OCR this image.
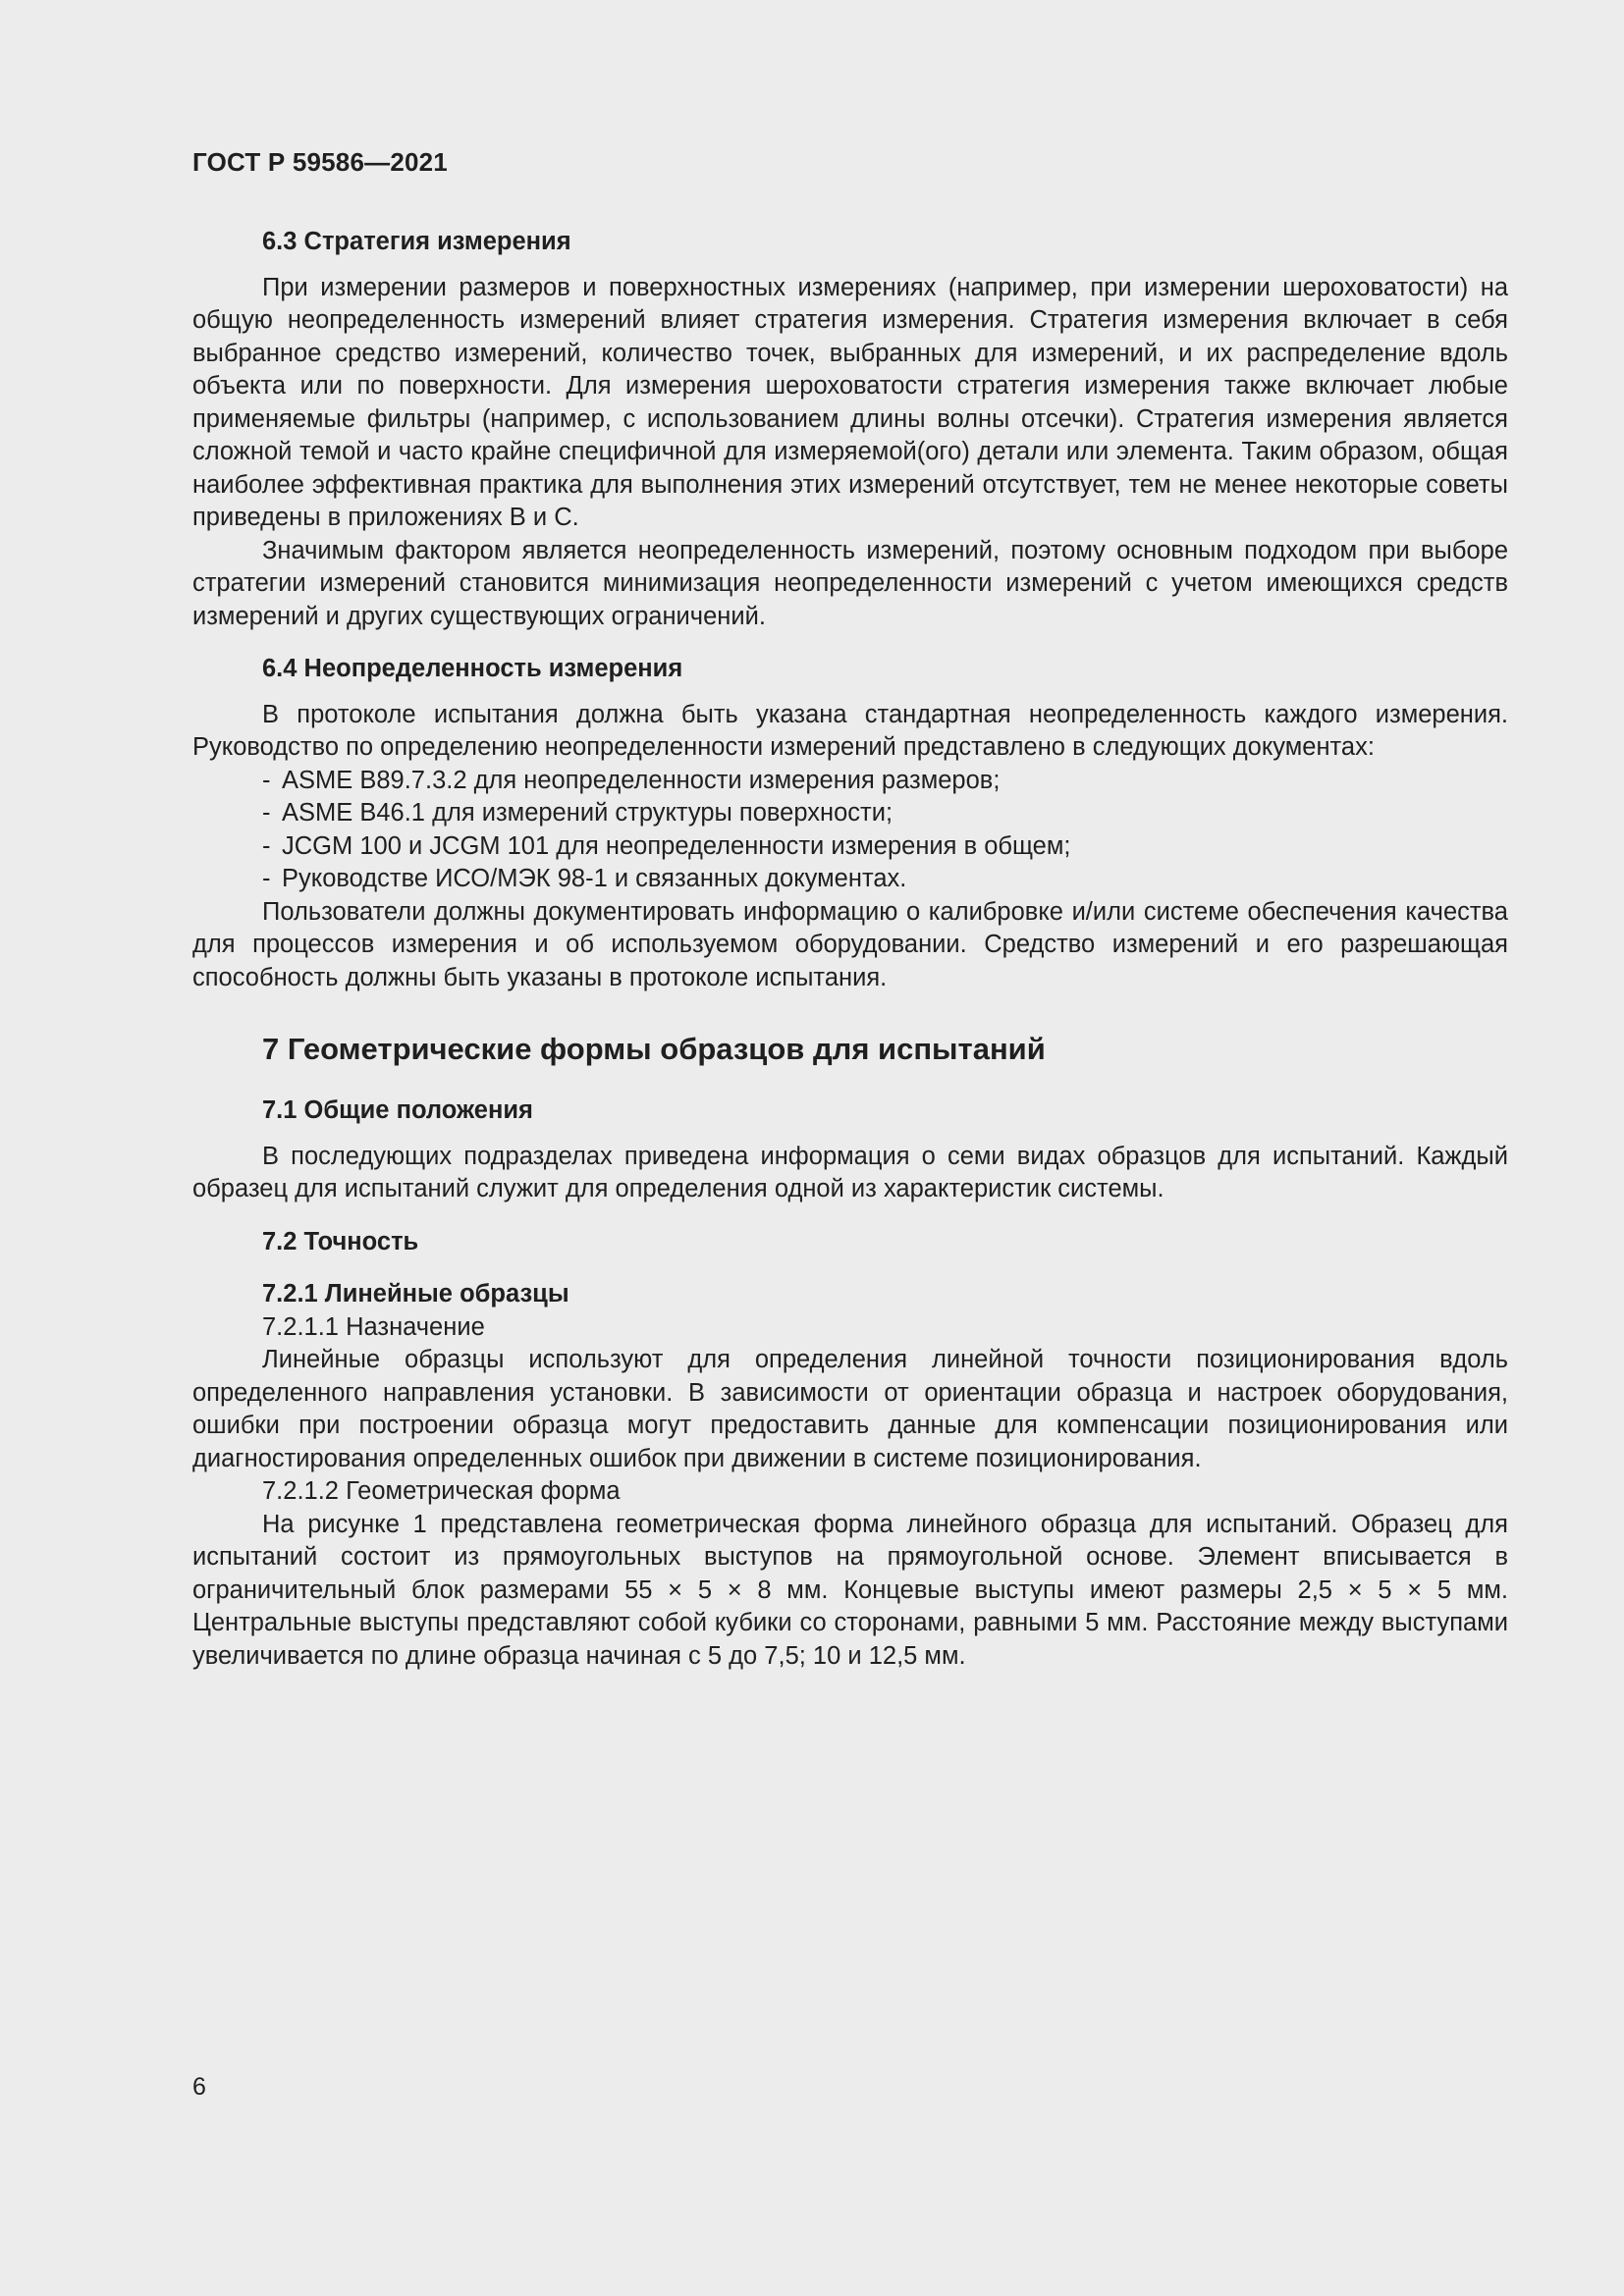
ГОСТ Р 59586—2021
6.3 Стратегия измерения

При измерении размеров и поверхностных измерениях (например, при измерении шероховатости) на общую неопределенность измерений влияет стратегия измерения. Стратегия измерения включает в себя выбранное средство измерений, количество точек, выбранных для измерений, и их распределение вдоль объекта или по поверхности. Для измерения шероховатости стратегия измерения также включает любые применяемые фильтры (например, с использованием длины волны отсечки). Стратегия измерения является сложной темой и часто крайне специфичной для измеряемой(ого) детали или элемента. Таким образом, общая наиболее эффективная практика для выполнения этих измерений отсутствует, тем не менее некоторые советы приведены в приложениях В и С.

Значимым фактором является неопределенность измерений, поэтому основным подходом при выборе стратегии измерений становится минимизация неопределенности измерений с учетом имеющихся средств измерений и других существующих ограничений.

6.4 Неопределенность измерения

В протоколе испытания должна быть указана стандартная неопределенность каждого измерения. Руководство по определению неопределенности измерений представлено в следующих документах:

- ASME B89.7.3.2 для неопределенности измерения размеров;
- ASME B46.1 для измерений структуры поверхности;
- JCGM 100 и JCGM 101 для неопределенности измерения в общем;
- Руководстве ИСО/МЭК 98-1 и связанных документах.

Пользователи должны документировать информацию о калибровке и/или системе обеспечения качества для процессов измерения и об используемом оборудовании. Средство измерений и его разрешающая способность должны быть указаны в протоколе испытания.

7 Геометрические формы образцов для испытаний
7.1 Общие положения

В последующих подразделах приведена информация о семи видах образцов для испытаний. Каждый образец для испытаний служит для определения одной из характеристик системы.

7.2 Точность
7.2.1 Линейные образцы
7.2.1.1 Назначение

Линейные образцы используют для определения линейной точности позиционирования вдоль определенного направления установки. В зависимости от ориентации образца и настроек оборудования, ошибки при построении образца могут предоставить данные для компенсации позиционирования или диагностирования определенных ошибок при движении в системе позиционирования.

7.2.1.2 Геометрическая форма

На рисунке 1 представлена геометрическая форма линейного образца для испытаний. Образец для испытаний состоит из прямоугольных выступов на прямоугольной основе. Элемент вписывается в ограничительный блок размерами 55 × 5 × 8 мм. Концевые выступы имеют размеры 2,5 × 5 × 5 мм. Центральные выступы представляют собой кубики со сторонами, равными 5 мм. Расстояние между выступами увеличивается по длине образца начиная с 5 до 7,5; 10 и 12,5 мм.

6
